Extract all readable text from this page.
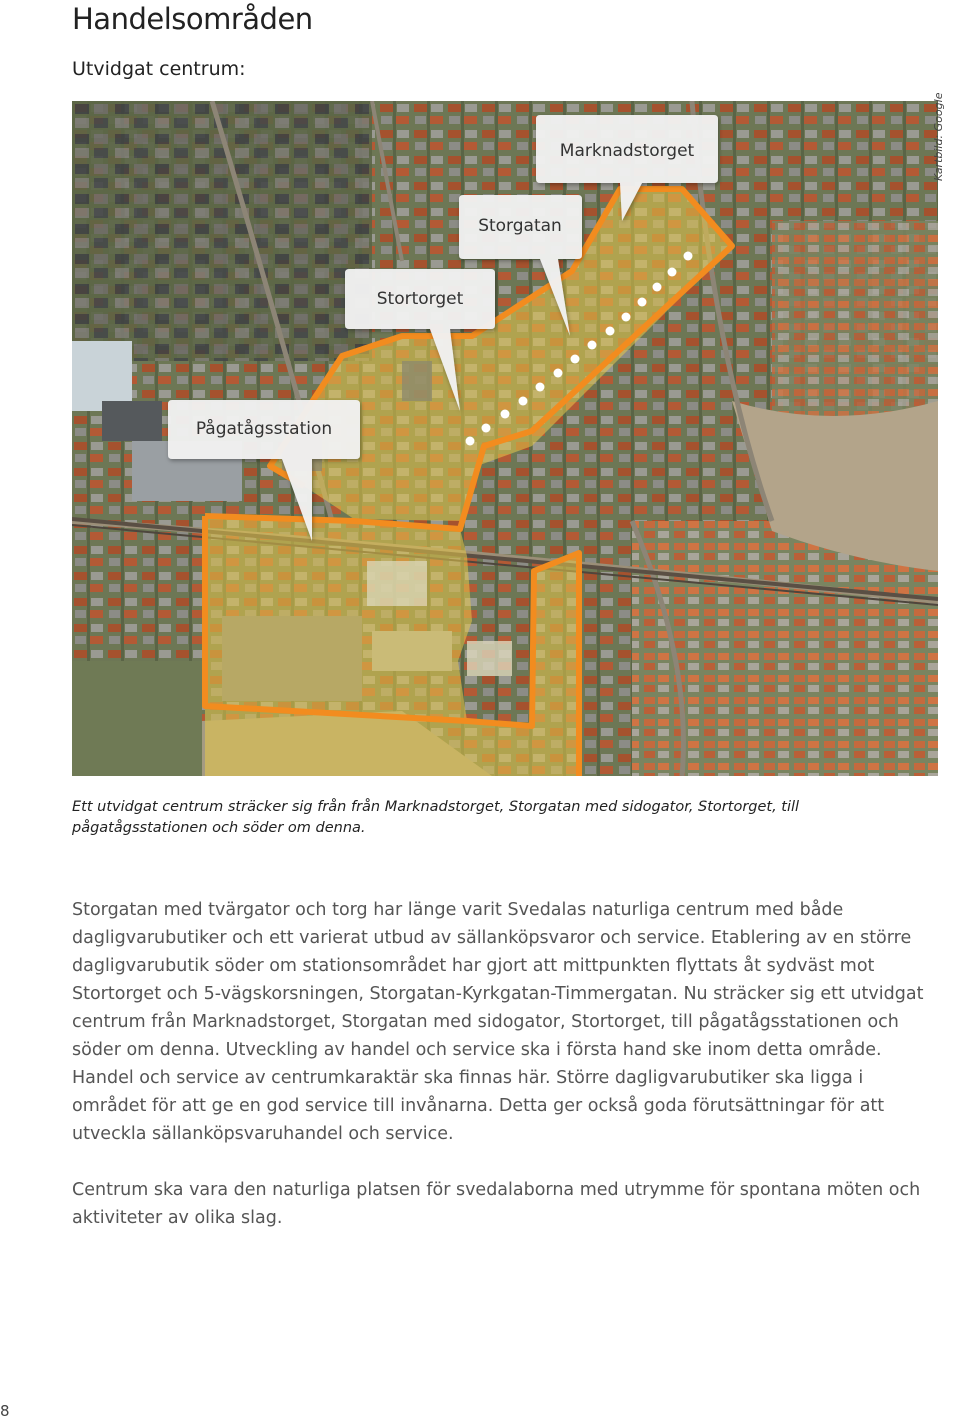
Handelsområden
Utvidgat centrum:
Marknadstorget
Storgatan
Stortorget
Pågatågsstation
Kartbild: Google

Ett utvidgat centrum sträcker sig från från Marknadstorget, Storgatan med sidogator, Stortorget, till pågatågsstationen och söder om denna.

Storgatan med tvärgator och torg har länge varit Svedalas naturliga centrum med både dagligvarubutiker och ett varierat utbud av sällanköpsvaror och service. Etablering av en större dagligvarubutik söder om stationsområdet har gjort att mittpunkten flyttats åt sydväst mot Stortorget och 5-vägskorsningen, Storgatan-Kyrkgatan-Timmergatan. Nu sträcker sig ett utvidgat centrum från Marknadstorget, Storgatan med sidogator, Stortorget, till pågatågsstationen och söder om denna. Utveckling av handel och service ska i första hand ske inom detta område. Handel och service av centrumkaraktär ska finnas här. Större dagligvarubutiker ska ligga i området för att ge en god service till invånarna. Detta ger också goda förutsättningar för att utveckla sällanköpsvaruhandel och service.

Centrum ska vara den naturliga platsen för svedalaborna med utrymme för spontana möten och aktiviteter av olika slag.

8
